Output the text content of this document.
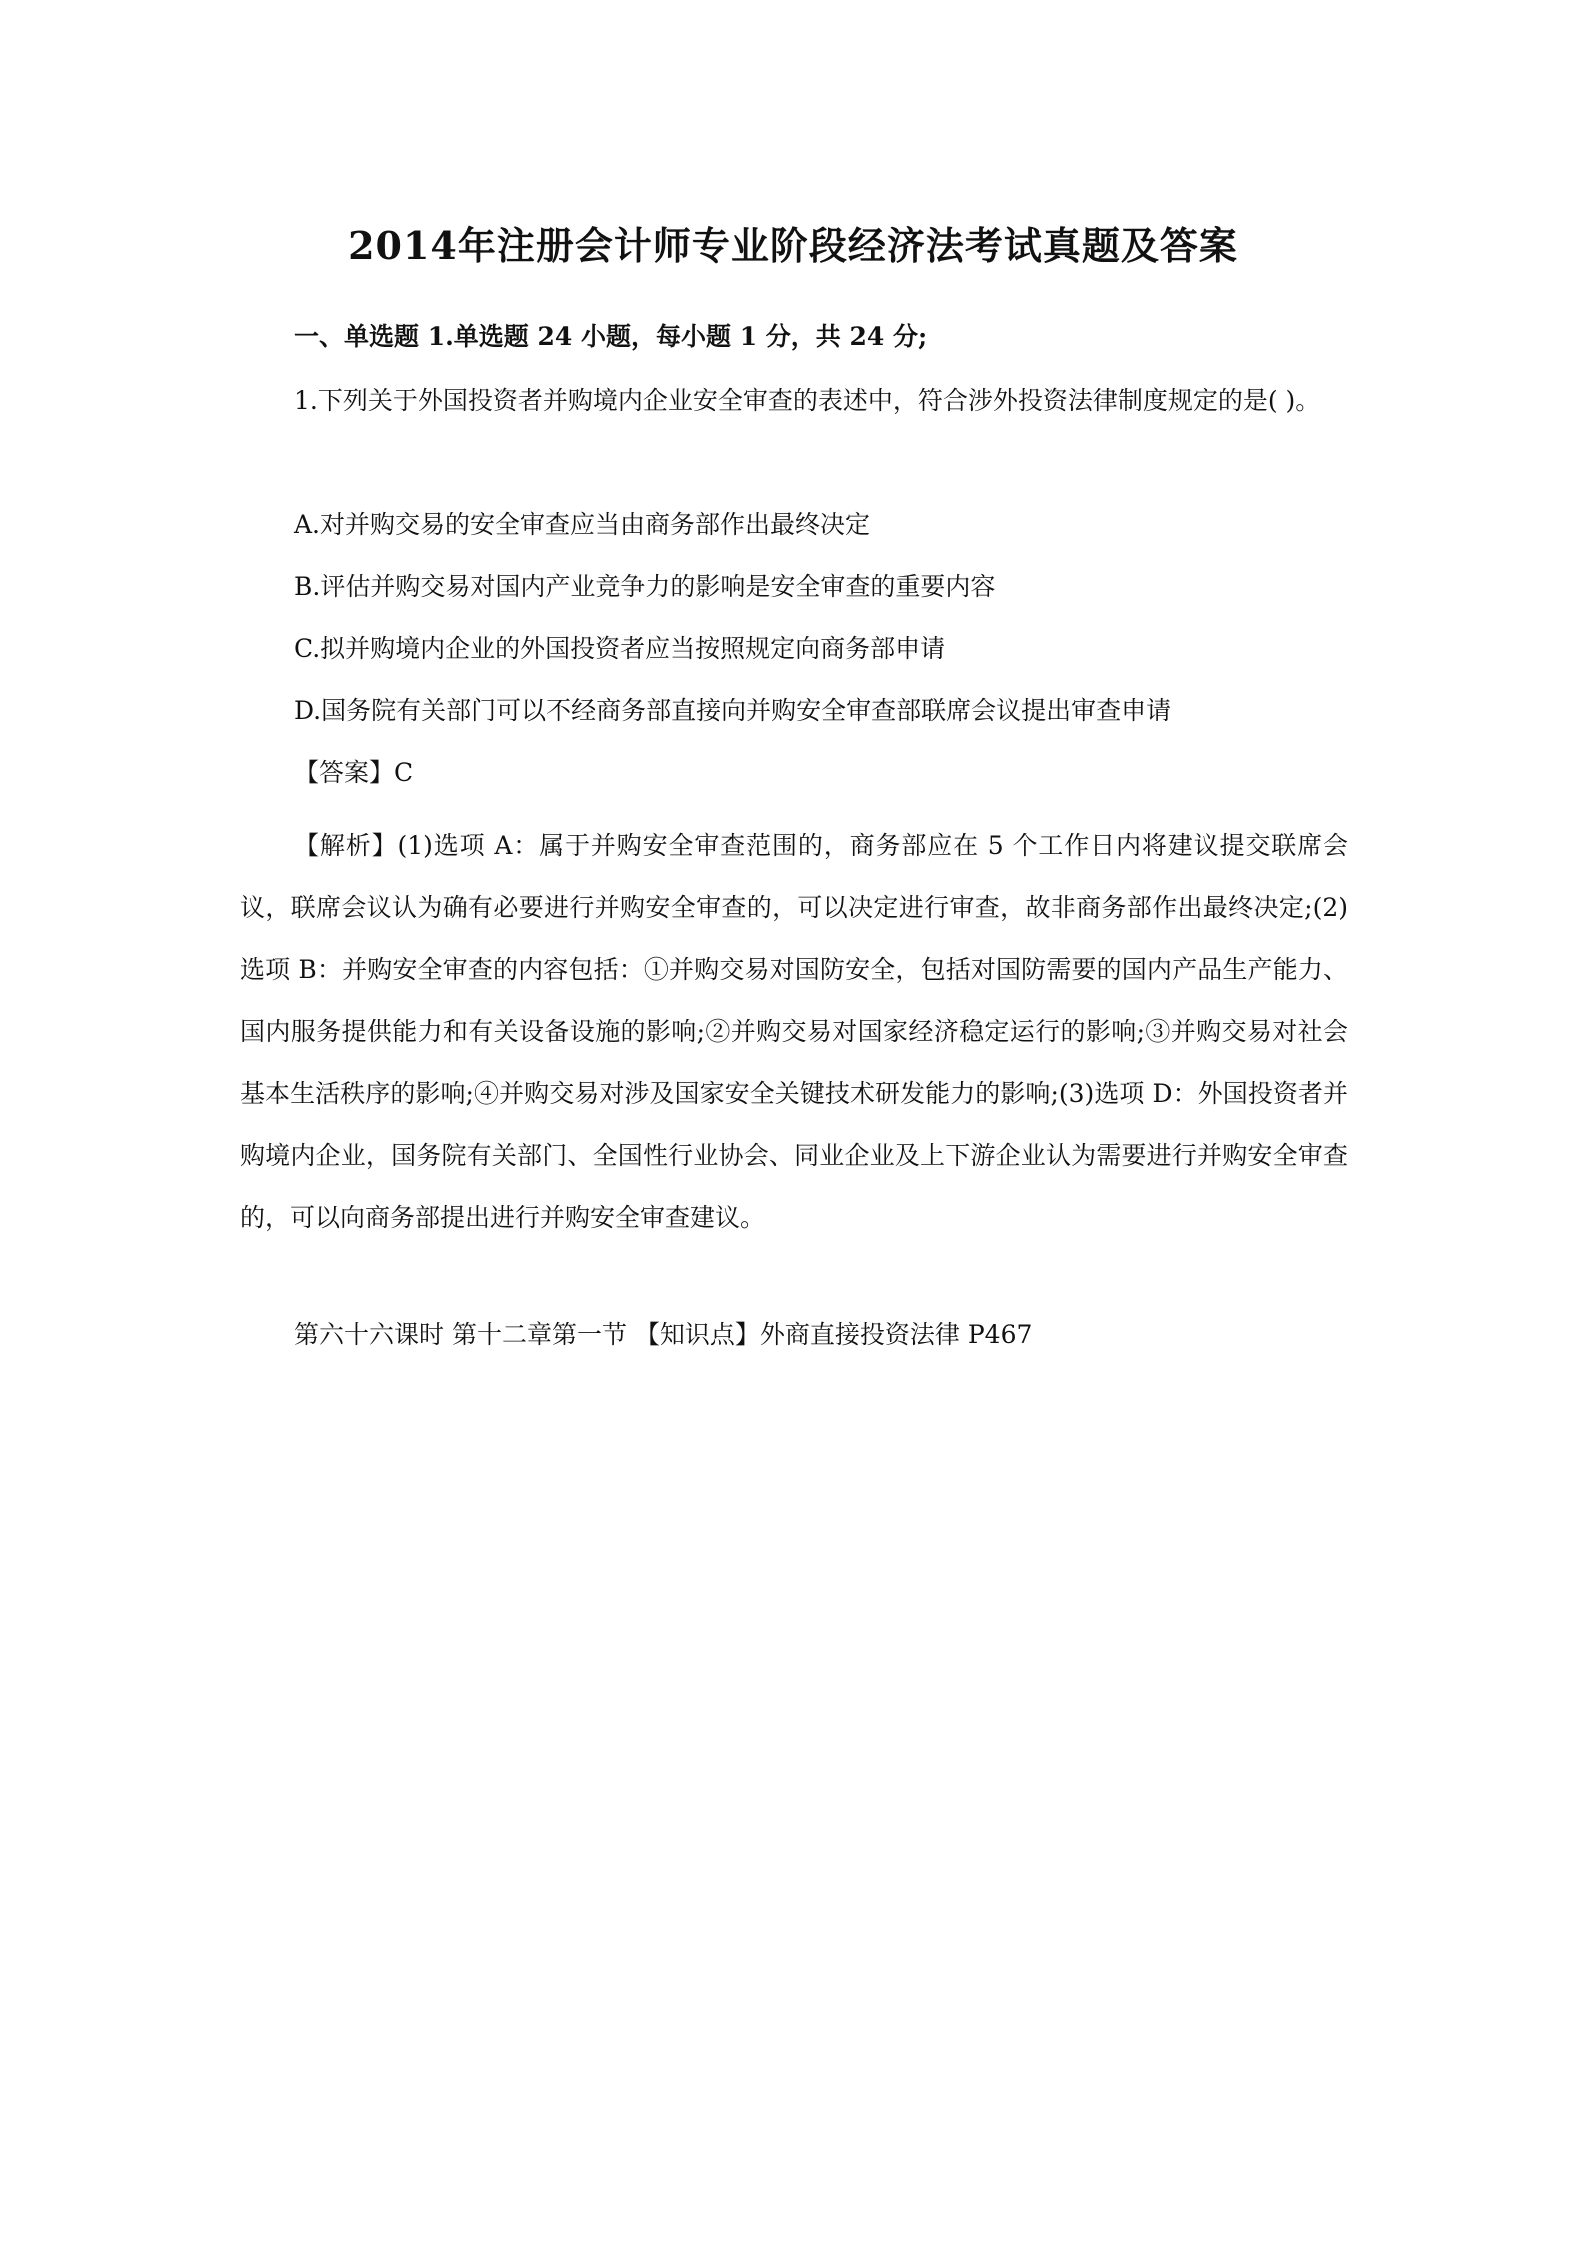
2014年注册会计师专业阶段经济法考试真题及答案
一、单选题 1.单选题 24 小题，每小题 1 分，共 24 分;

1.下列关于外国投资者并购境内企业安全审查的表述中，符合涉外投资法律制度规定的是( )。

A.对并购交易的安全审查应当由商务部作出最终决定
B.评估并购交易对国内产业竞争力的影响是安全审查的重要内容
C.拟并购境内企业的外国投资者应当按照规定向商务部申请
D.国务院有关部门可以不经商务部直接向并购安全审查部联席会议提出审查申请
【答案】C

【解析】(1)选项 A：属于并购安全审查范围的，商务部应在 5 个工作日内将建议提交联席会议，联席会议认为确有必要进行并购安全审查的，可以决定进行审查，故非商务部作出最终决定;(2)选项 B：并购安全审查的内容包括：①并购交易对国防安全，包括对国防需要的国内产品生产能力、国内服务提供能力和有关设备设施的影响;②并购交易对国家经济稳定运行的影响;③并购交易对社会基本生活秩序的影响;④并购交易对涉及国家安全关键技术研发能力的影响;(3)选项 D：外国投资者并购境内企业，国务院有关部门、全国性行业协会、同业企业及上下游企业认为需要进行并购安全审查的，可以向商务部提出进行并购安全审查建议。

第六十六课时 第十二章第一节 【知识点】外商直接投资法律 P467
